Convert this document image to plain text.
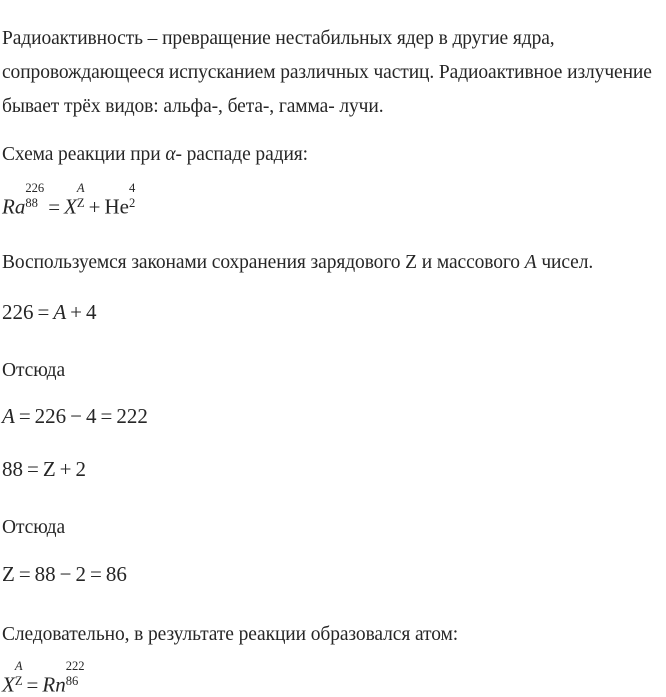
Радиоактивность – превращение нестабильных ядер в другие ядра, сопровождающееся испусканием различных частиц. Радиоактивное излучение бывает трёх видов: альфа-, бета-, гамма- лучи.

Схема реакции при α- распаде радия:

Ra
226
88 = X
A
Z + He
4
2

Воспользуемся законами сохранения зарядового Z и массового A чисел.

226 = A + 4

Отсюда

A = 226 − 4 = 222

88 = Z + 2

Отсюда

Z = 88 − 2 = 86

Следовательно, в результате реакции образовался атом:

X
A
Z = Rn
222
86
